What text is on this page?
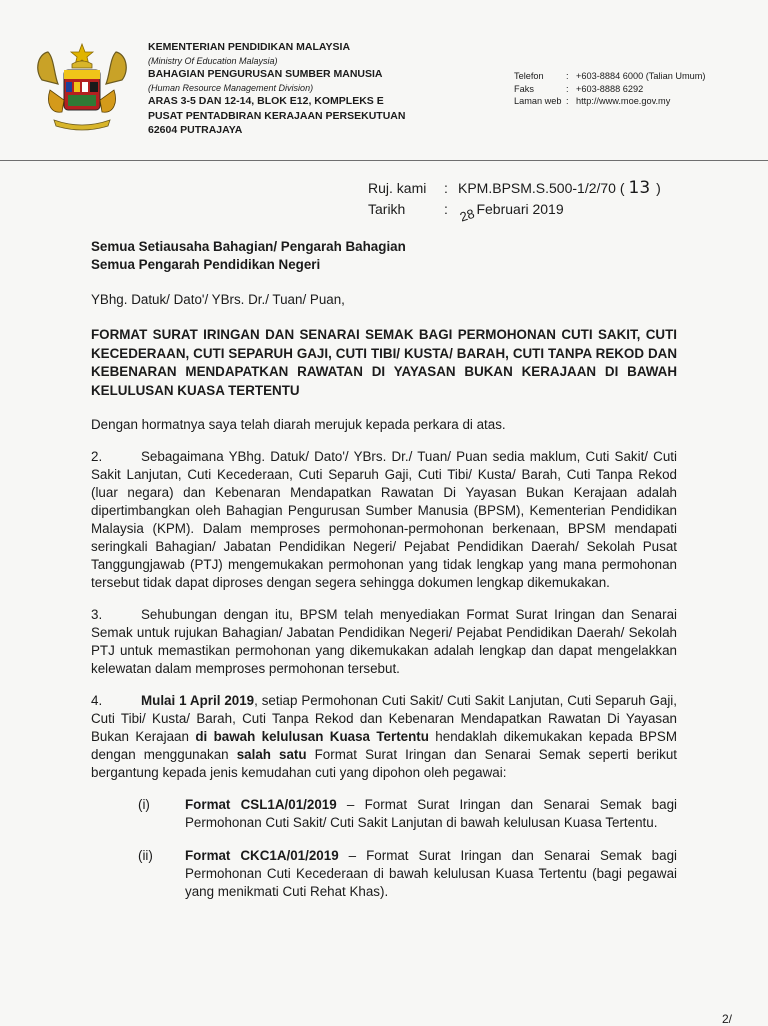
KEMENTERIAN PENDIDIKAN MALAYSIA
(Ministry Of Education Malaysia)
BAHAGIAN PENGURUSAN SUMBER MANUSIA
(Human Resource Management Division)
ARAS 3-5 DAN 12-14, BLOK E12, KOMPLEKS E
PUSAT PENTADBIRAN KERAJAAN PERSEKUTUAN
62604 PUTRAJAYA
Telefon	: +603-8884 6000 (Talian Umum)
Faks	: +603-8888 6292
Laman web : http://www.moe.gov.my
Ruj. kami	: KPM.BPSM.S.500-1/2/70 ( 13 )
Tarikh	: 28 Februari 2019
Semua Setiausaha Bahagian/ Pengarah Bahagian
Semua Pengarah Pendidikan Negeri
YBhg. Datuk/ Dato'/ YBrs. Dr./ Tuan/ Puan,
FORMAT SURAT IRINGAN DAN SENARAI SEMAK BAGI PERMOHONAN CUTI SAKIT, CUTI KECEDERAAN, CUTI SEPARUH GAJI, CUTI TIBI/ KUSTA/ BARAH, CUTI TANPA REKOD DAN KEBENARAN MENDAPATKAN RAWATAN DI YAYASAN BUKAN KERAJAAN DI BAWAH KELULUSAN KUASA TERTENTU

Dengan hormatnya saya telah diarah merujuk kepada perkara di atas.

2.	Sebagaimana YBhg. Datuk/ Dato'/ YBrs. Dr./ Tuan/ Puan sedia maklum, Cuti Sakit/ Cuti Sakit Lanjutan, Cuti Kecederaan, Cuti Separuh Gaji, Cuti Tibi/ Kusta/ Barah, Cuti Tanpa Rekod (luar negara) dan Kebenaran Mendapatkan Rawatan Di Yayasan Bukan Kerajaan adalah dipertimbangkan oleh Bahagian Pengurusan Sumber Manusia (BPSM), Kementerian Pendidikan Malaysia (KPM). Dalam memproses permohonan-permohonan berkenaan, BPSM mendapati seringkali Bahagian/ Jabatan Pendidikan Negeri/ Pejabat Pendidikan Daerah/ Sekolah Pusat Tanggungjawab (PTJ) mengemukakan permohonan yang tidak lengkap yang mana permohonan tersebut tidak dapat diproses dengan segera sehingga dokumen lengkap dikemukakan.

3.	Sehubungan dengan itu, BPSM telah menyediakan Format Surat Iringan dan Senarai Semak untuk rujukan Bahagian/ Jabatan Pendidikan Negeri/ Pejabat Pendidikan Daerah/ Sekolah PTJ untuk memastikan permohonan yang dikemukakan adalah lengkap dan dapat mengelakkan kelewatan dalam memproses permohonan tersebut.

4.	Mulai 1 April 2019, setiap Permohonan Cuti Sakit/ Cuti Sakit Lanjutan, Cuti Separuh Gaji, Cuti Tibi/ Kusta/ Barah, Cuti Tanpa Rekod dan Kebenaran Mendapatkan Rawatan Di Yayasan Bukan Kerajaan di bawah kelulusan Kuasa Tertentu hendaklah dikemukakan kepada BPSM dengan menggunakan salah satu Format Surat Iringan dan Senarai Semak seperti berikut bergantung kepada jenis kemudahan cuti yang dipohon oleh pegawai:

(i)	Format CSL1A/01/2019 – Format Surat Iringan dan Senarai Semak bagi Permohonan Cuti Sakit/ Cuti Sakit Lanjutan di bawah kelulusan Kuasa Tertentu.
(ii)	Format CKC1A/01/2019 – Format Surat Iringan dan Senarai Semak bagi Permohonan Cuti Kecederaan di bawah kelulusan Kuasa Tertentu (bagi pegawai yang menikmati Cuti Rehat Khas).
2/
